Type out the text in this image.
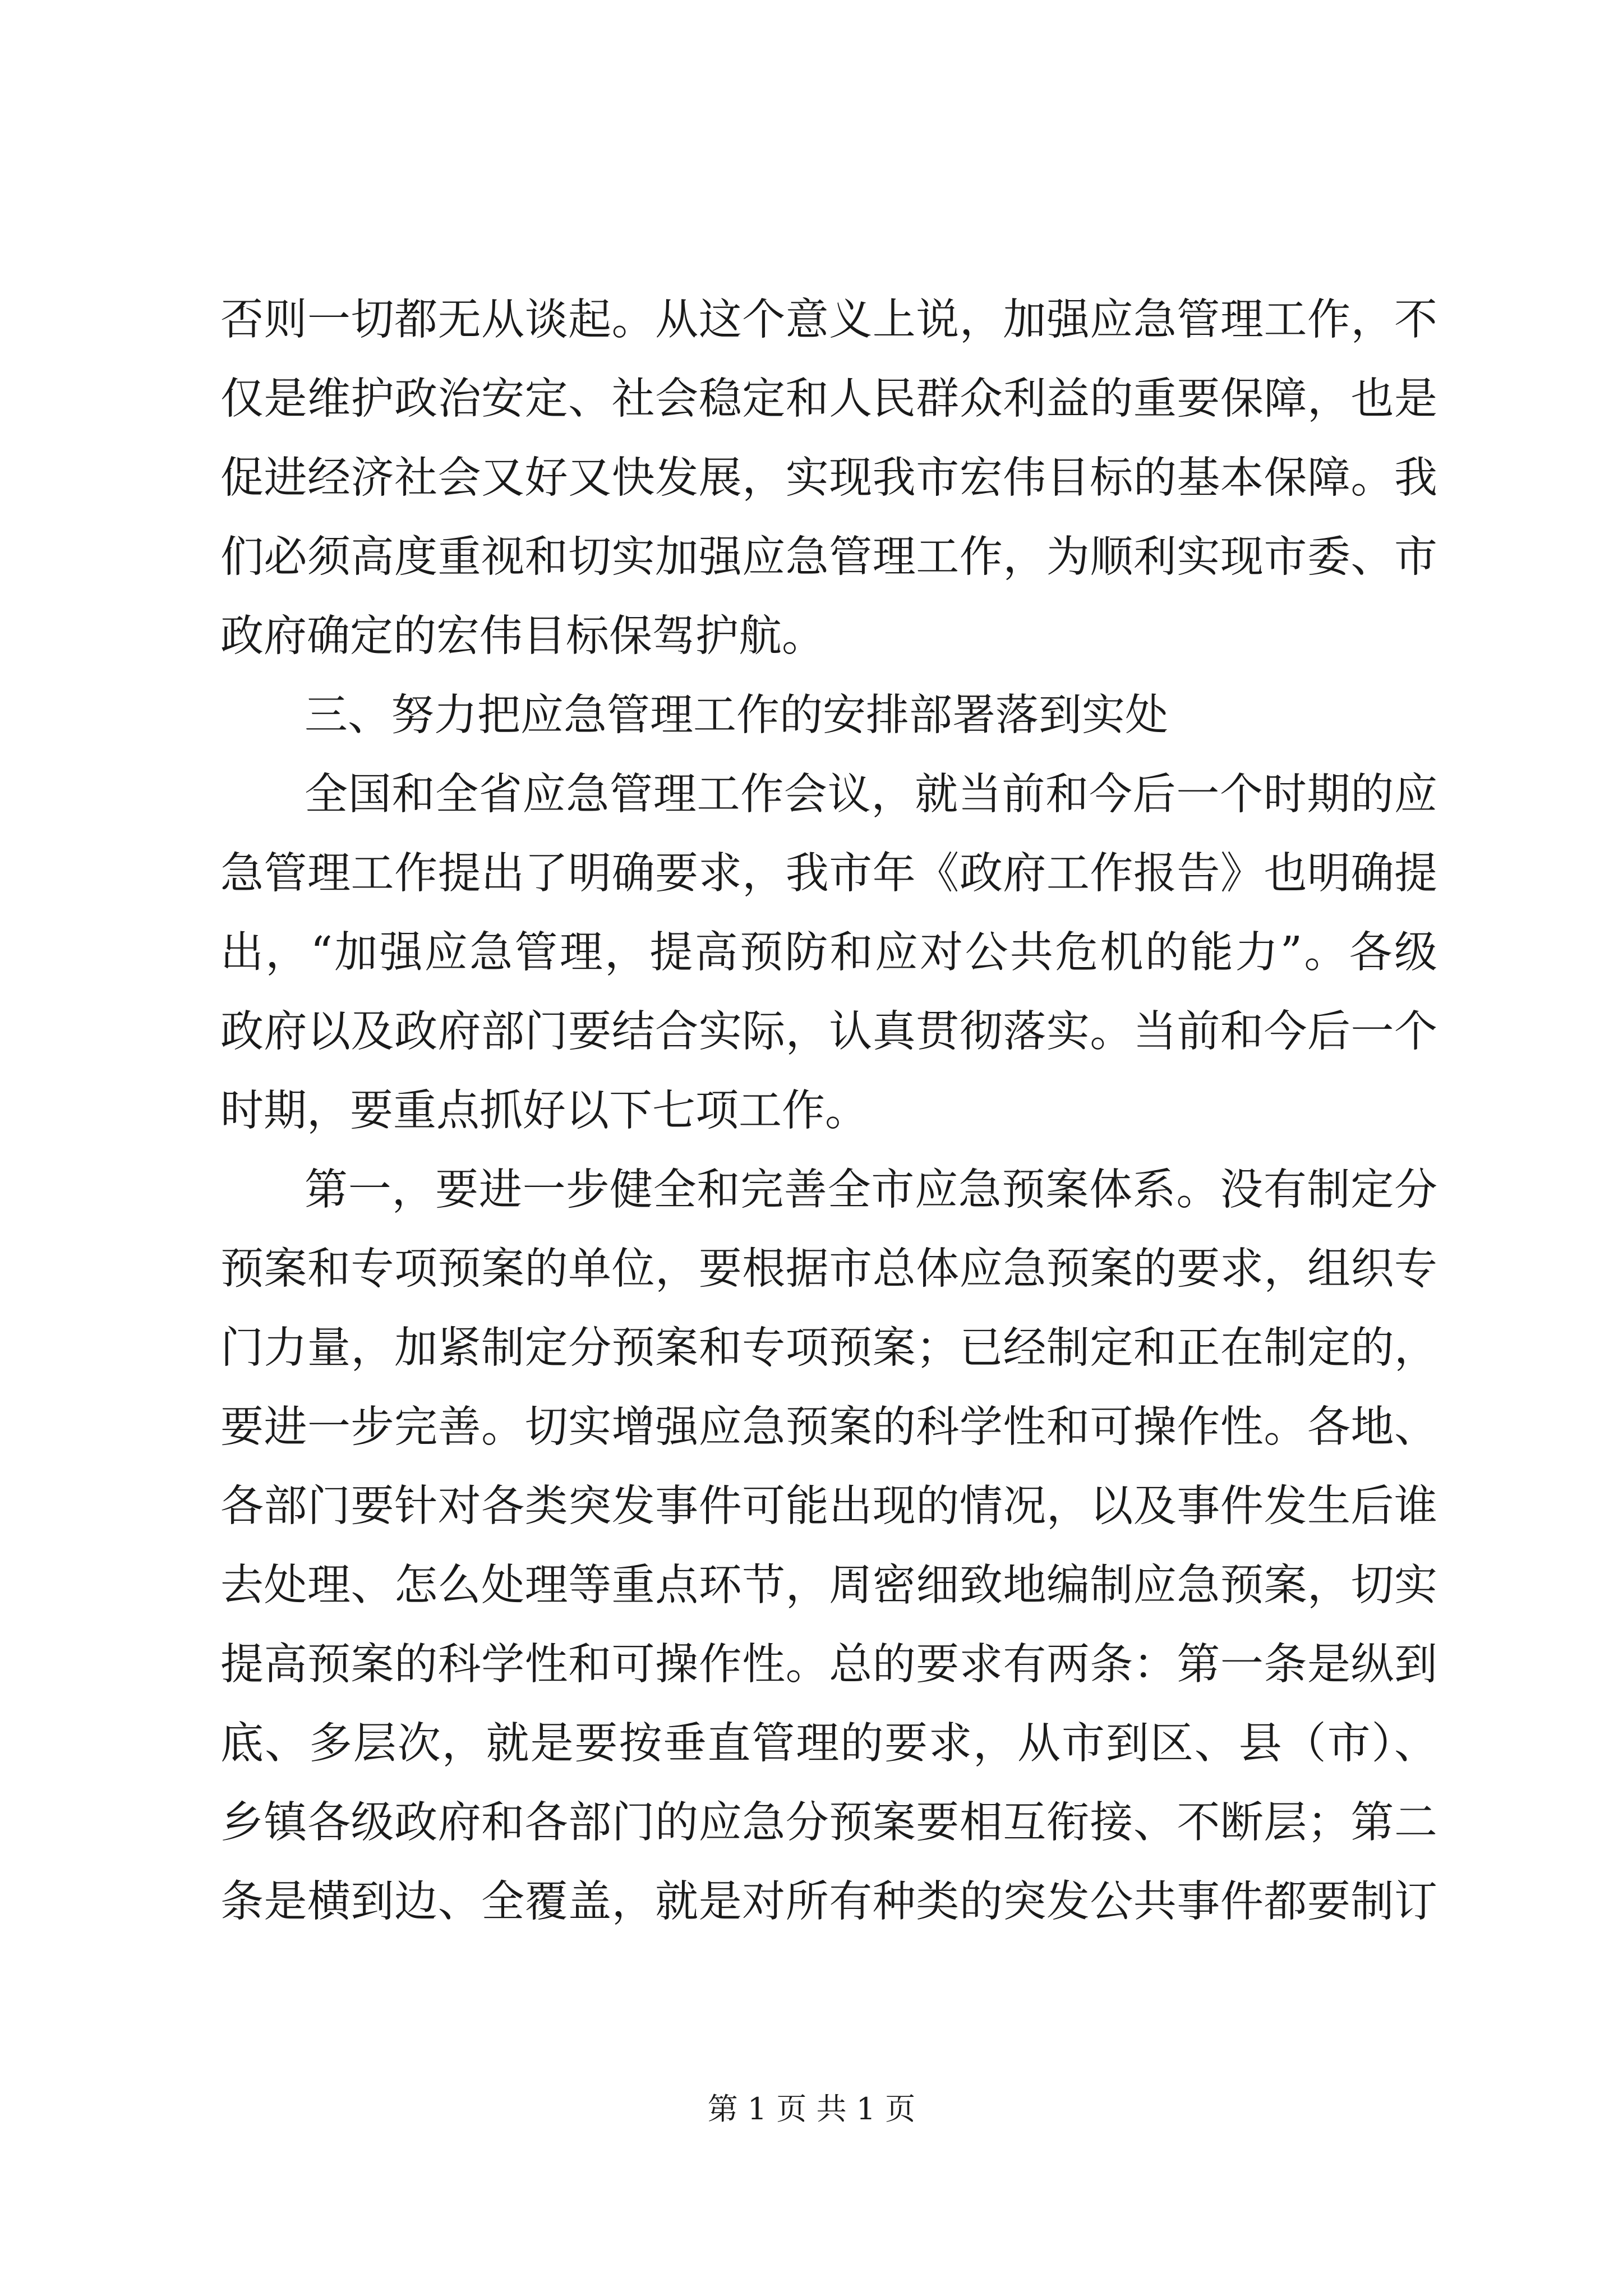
否则一切都无从谈起。从这个意义上说，加强应急管理工作，不
仅是维护政治安定、社会稳定和人民群众利益的重要保障，也是
促进经济社会又好又快发展，实现我市宏伟目标的基本保障。我
们必须高度重视和切实加强应急管理工作，为顺利实现市委、市
政府确定的宏伟目标保驾护航。
三、努力把应急管理工作的安排部署落到实处
全国和全省应急管理工作会议，就当前和今后一个时期的应
急管理工作提出了明确要求，我市年《政府工作报告》也明确提
出，“加强应急管理，提高预防和应对公共危机的能力”。各级
政府以及政府部门要结合实际，认真贯彻落实。当前和今后一个
时期，要重点抓好以下七项工作。
第一，要进一步健全和完善全市应急预案体系。没有制定分
预案和专项预案的单位，要根据市总体应急预案的要求，组织专
门力量，加紧制定分预案和专项预案；已经制定和正在制定的，
要进一步完善。切实增强应急预案的科学性和可操作性。各地、
各部门要针对各类突发事件可能出现的情况，以及事件发生后谁
去处理、怎么处理等重点环节，周密细致地编制应急预案，切实
提高预案的科学性和可操作性。总的要求有两条：第一条是纵到
底、多层次，就是要按垂直管理的要求，从市到区、县（市）、
乡镇各级政府和各部门的应急分预案要相互衔接、不断层；第二
条是横到边、全覆盖，就是对所有种类的突发公共事件都要制订
第 1 页 共 1 页
